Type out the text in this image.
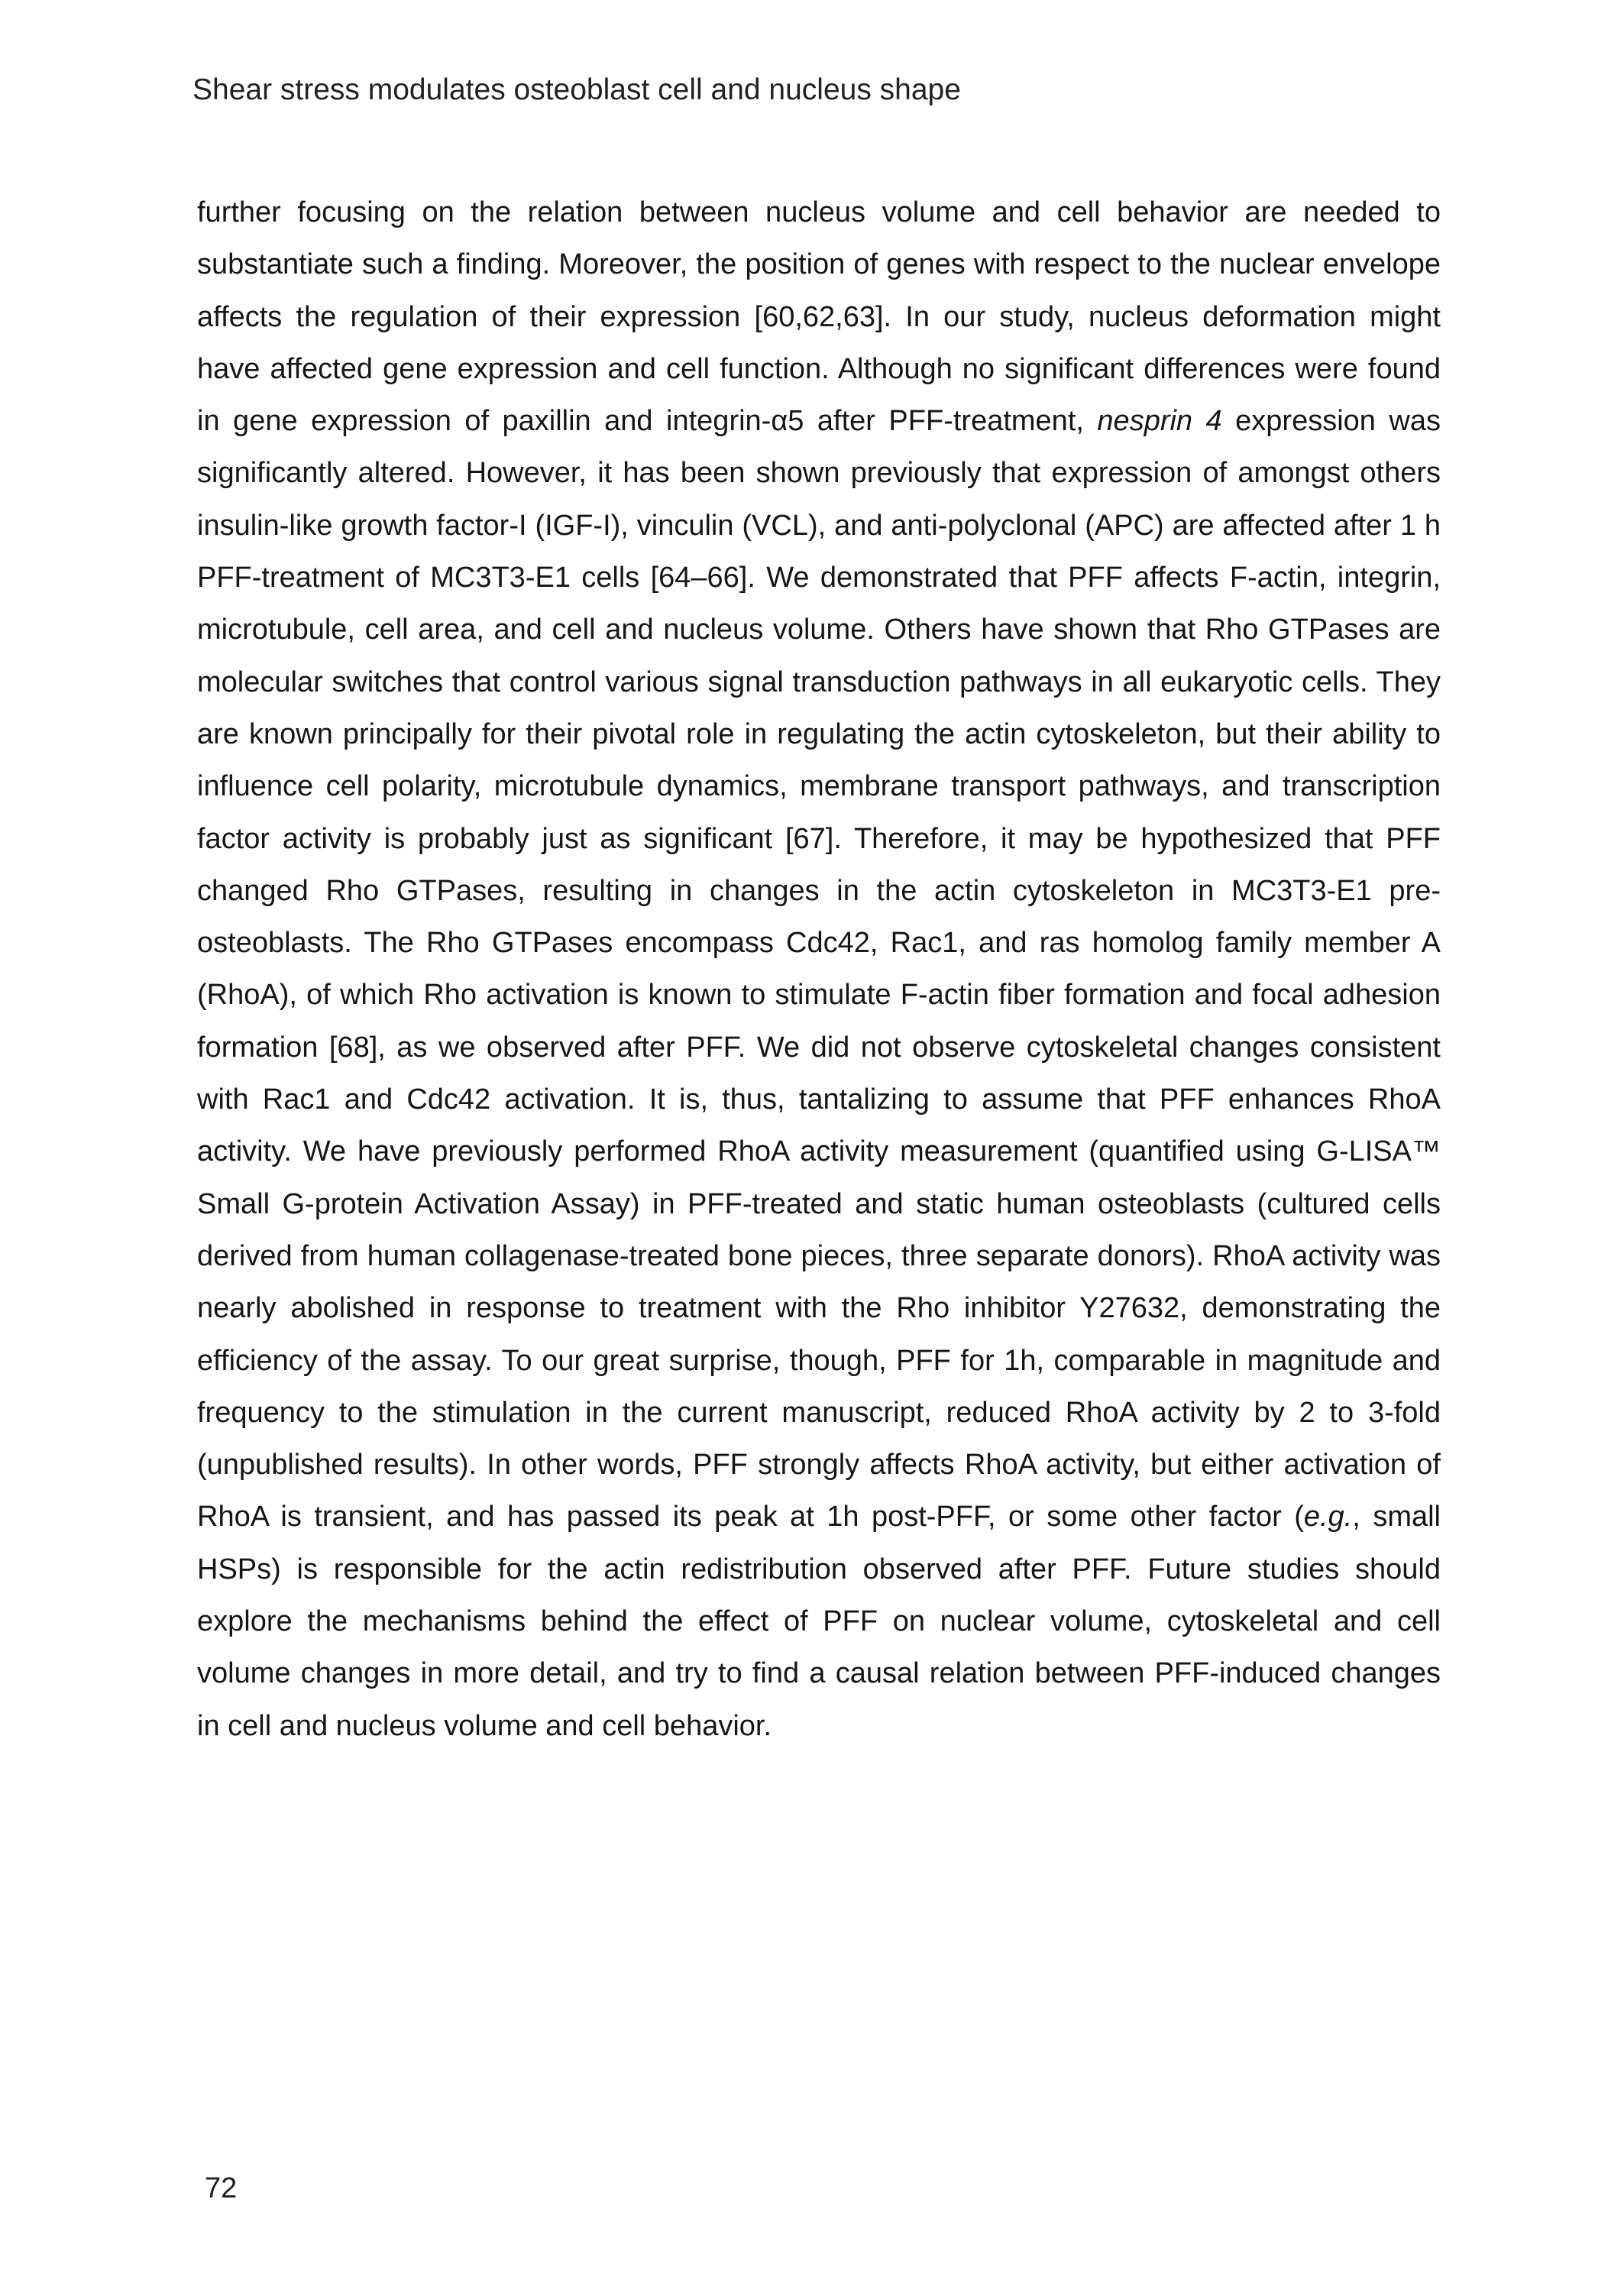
Shear stress modulates osteoblast cell and nucleus shape

further focusing on the relation between nucleus volume and cell behavior are needed to substantiate such a finding. Moreover, the position of genes with respect to the nuclear envelope affects the regulation of their expression [60,62,63]. In our study, nucleus deformation might have affected gene expression and cell function. Although no significant differences were found in gene expression of paxillin and integrin-α5 after PFF-treatment, nesprin 4 expression was significantly altered. However, it has been shown previously that expression of amongst others insulin-like growth factor-I (IGF-I), vinculin (VCL), and anti-polyclonal (APC) are affected after 1 h PFF-treatment of MC3T3-E1 cells [64–66]. We demonstrated that PFF affects F-actin, integrin, microtubule, cell area, and cell and nucleus volume. Others have shown that Rho GTPases are molecular switches that control various signal transduction pathways in all eukaryotic cells. They are known principally for their pivotal role in regulating the actin cytoskeleton, but their ability to influence cell polarity, microtubule dynamics, membrane transport pathways, and transcription factor activity is probably just as significant [67]. Therefore, it may be hypothesized that PFF changed Rho GTPases, resulting in changes in the actin cytoskeleton in MC3T3-E1 pre-osteoblasts. The Rho GTPases encompass Cdc42, Rac1, and ras homolog family member A (RhoA), of which Rho activation is known to stimulate F-actin fiber formation and focal adhesion formation [68], as we observed after PFF. We did not observe cytoskeletal changes consistent with Rac1 and Cdc42 activation. It is, thus, tantalizing to assume that PFF enhances RhoA activity. We have previously performed RhoA activity measurement (quantified using G-LISA™ Small G-protein Activation Assay) in PFF-treated and static human osteoblasts (cultured cells derived from human collagenase-treated bone pieces, three separate donors). RhoA activity was nearly abolished in response to treatment with the Rho inhibitor Y27632, demonstrating the efficiency of the assay. To our great surprise, though, PFF for 1h, comparable in magnitude and frequency to the stimulation in the current manuscript, reduced RhoA activity by 2 to 3-fold (unpublished results). In other words, PFF strongly affects RhoA activity, but either activation of RhoA is transient, and has passed its peak at 1h post-PFF, or some other factor (e.g., small HSPs) is responsible for the actin redistribution observed after PFF. Future studies should explore the mechanisms behind the effect of PFF on nuclear volume, cytoskeletal and cell volume changes in more detail, and try to find a causal relation between PFF-induced changes in cell and nucleus volume and cell behavior.

72
